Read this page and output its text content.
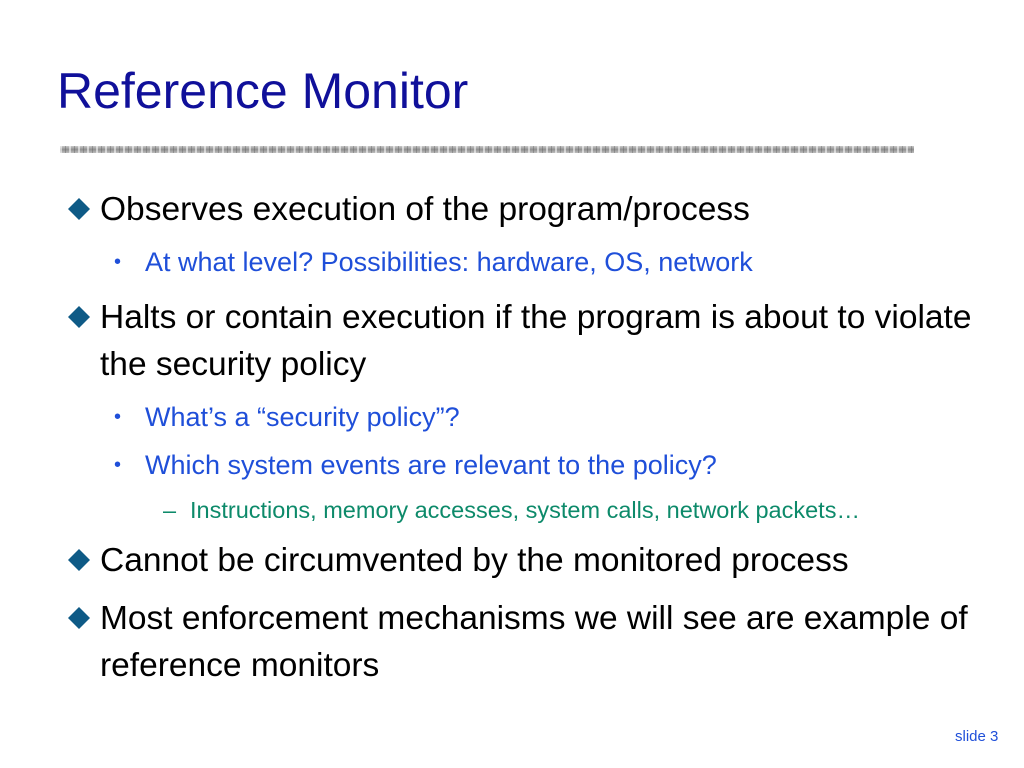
Reference Monitor
Observes execution of the program/process
• At what level? Possibilities: hardware, OS, network
Halts or contain execution if the program is about to violate the security policy
• What’s a “security policy”?
• Which system events are relevant to the policy?
– Instructions, memory accesses, system calls, network packets…
Cannot be circumvented by the monitored process
Most enforcement mechanisms we will see are example of reference monitors
slide 3
